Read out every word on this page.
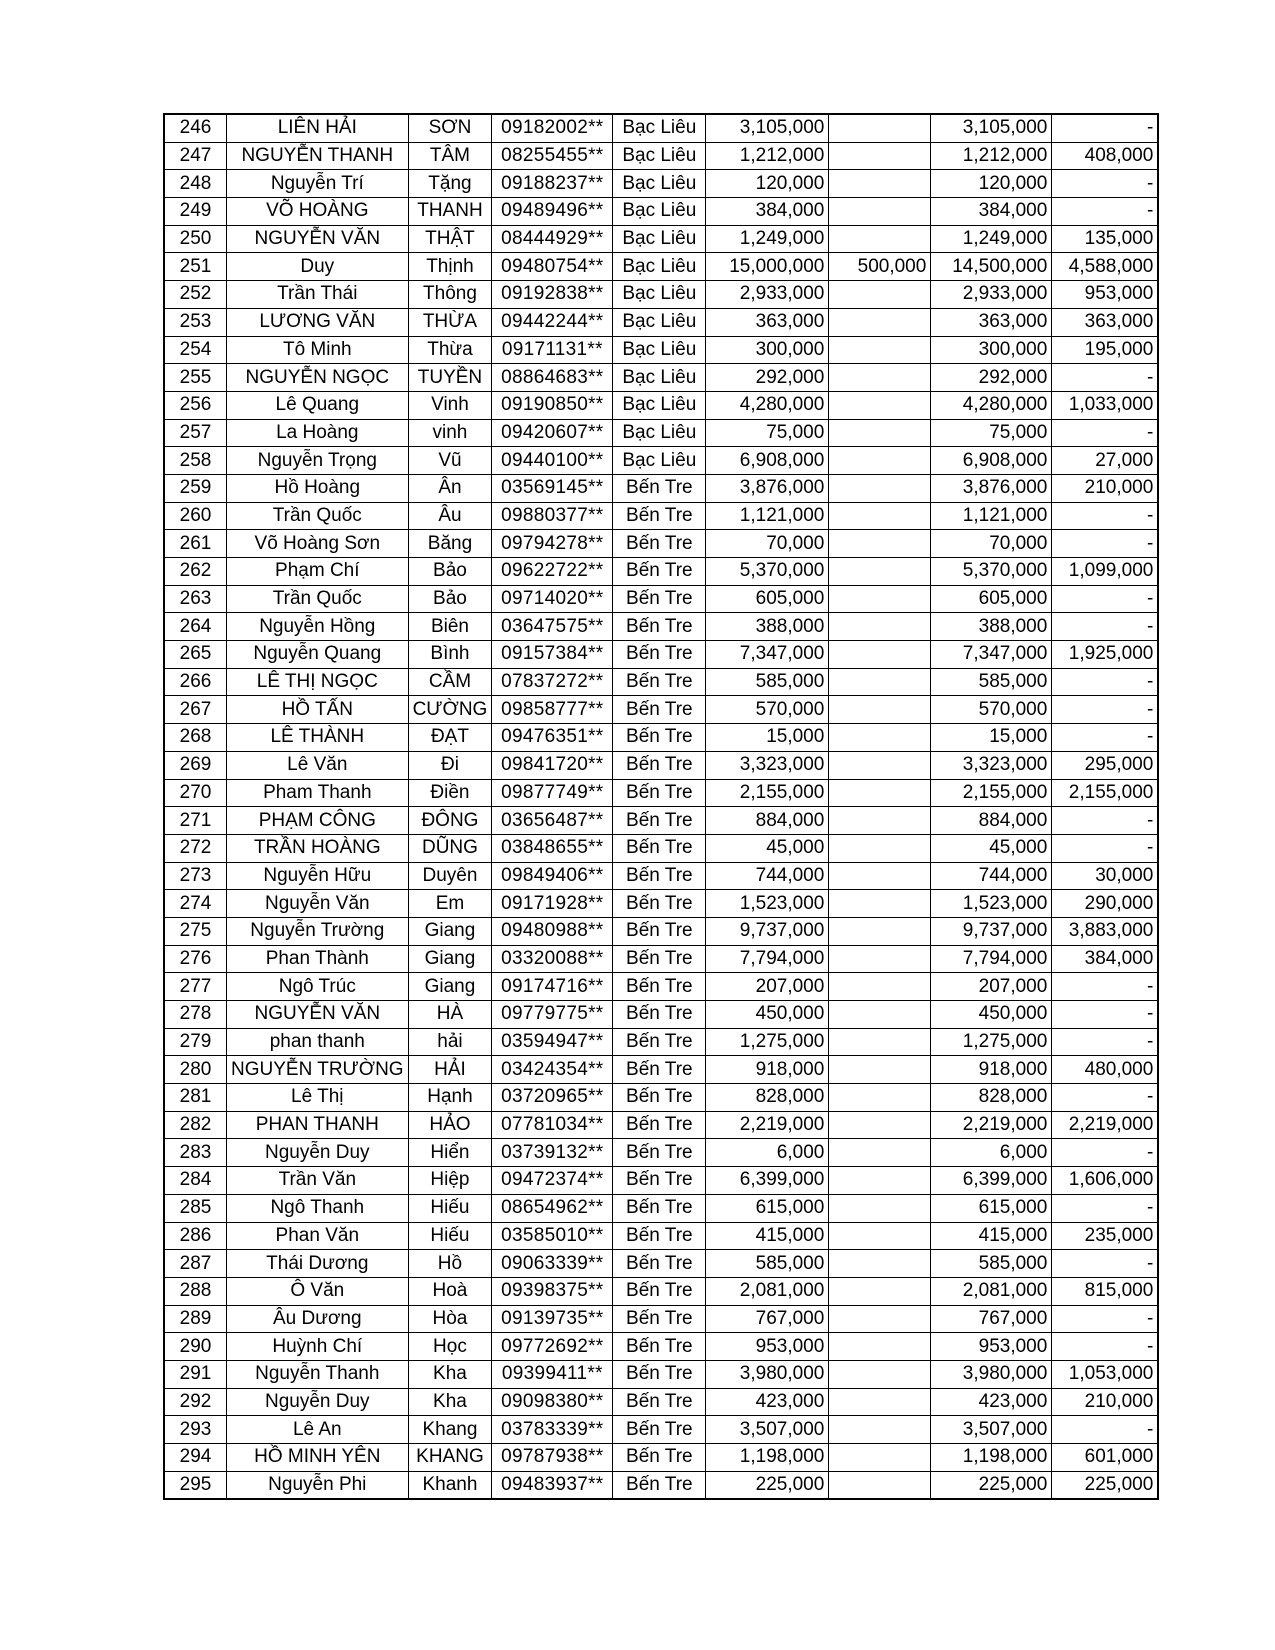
246	LIÊN HẢI	SƠN	09182002**	Bạc Liêu	3,105,000		3,105,000	-
247	NGUYỄN THANH	TÂM	08255455**	Bạc Liêu	1,212,000		1,212,000	408,000
248	Nguyễn Trí	Tặng	09188237**	Bạc Liêu	120,000		120,000	-
249	VÕ HOÀNG	THANH	09489496**	Bạc Liêu	384,000		384,000	-
250	NGUYỄN VĂN	THẬT	08444929**	Bạc Liêu	1,249,000		1,249,000	135,000
251	Duy	Thịnh	09480754**	Bạc Liêu	15,000,000	500,000	14,500,000	4,588,000
252	Trần Thái	Thông	09192838**	Bạc Liêu	2,933,000		2,933,000	953,000
253	LƯƠNG VĂN	THỪA	09442244**	Bạc Liêu	363,000		363,000	363,000
254	Tô Minh	Thừa	09171131**	Bạc Liêu	300,000		300,000	195,000
255	NGUYỄN NGỌC	TUYỀN	08864683**	Bạc Liêu	292,000		292,000	-
256	Lê Quang	Vinh	09190850**	Bạc Liêu	4,280,000		4,280,000	1,033,000
257	La Hoàng	vinh	09420607**	Bạc Liêu	75,000		75,000	-
258	Nguyễn Trọng	Vũ	09440100**	Bạc Liêu	6,908,000		6,908,000	27,000
259	Hồ Hoàng	Ân	03569145**	Bến Tre	3,876,000		3,876,000	210,000
260	Trần Quốc	Âu	09880377**	Bến Tre	1,121,000		1,121,000	-
261	Võ Hoàng Sơn	Băng	09794278**	Bến Tre	70,000		70,000	-
262	Phạm Chí	Bảo	09622722**	Bến Tre	5,370,000		5,370,000	1,099,000
263	Trần Quốc	Bảo	09714020**	Bến Tre	605,000		605,000	-
264	Nguyễn Hồng	Biên	03647575**	Bến Tre	388,000		388,000	-
265	Nguyễn Quang	Bình	09157384**	Bến Tre	7,347,000		7,347,000	1,925,000
266	LÊ THỊ NGỌC	CẦM	07837272**	Bến Tre	585,000		585,000	-
267	HỒ TẤN	CƯỜNG	09858777**	Bến Tre	570,000		570,000	-
268	LÊ THÀNH	ĐẠT	09476351**	Bến Tre	15,000		15,000	-
269	Lê Văn	Đi	09841720**	Bến Tre	3,323,000		3,323,000	295,000
270	Pham Thanh	Điền	09877749**	Bến Tre	2,155,000		2,155,000	2,155,000
271	PHẠM CÔNG	ĐÔNG	03656487**	Bến Tre	884,000		884,000	-
272	TRẦN HOÀNG	DŨNG	03848655**	Bến Tre	45,000		45,000	-
273	Nguyễn Hữu	Duyên	09849406**	Bến Tre	744,000		744,000	30,000
274	Nguyễn Văn	Em	09171928**	Bến Tre	1,523,000		1,523,000	290,000
275	Nguyễn Trường	Giang	09480988**	Bến Tre	9,737,000		9,737,000	3,883,000
276	Phan Thành	Giang	03320088**	Bến Tre	7,794,000		7,794,000	384,000
277	Ngô Trúc	Giang	09174716**	Bến Tre	207,000		207,000	-
278	NGUYỄN VĂN	HÀ	09779775**	Bến Tre	450,000		450,000	-
279	phan thanh	hải	03594947**	Bến Tre	1,275,000		1,275,000	-
280	NGUYỄN TRƯỜNG	HẢI	03424354**	Bến Tre	918,000		918,000	480,000
281	Lê Thị	Hạnh	03720965**	Bến Tre	828,000		828,000	-
282	PHAN THANH	HẢO	07781034**	Bến Tre	2,219,000		2,219,000	2,219,000
283	Nguyễn Duy	Hiển	03739132**	Bến Tre	6,000		6,000	-
284	Trần Văn	Hiệp	09472374**	Bến Tre	6,399,000		6,399,000	1,606,000
285	Ngô Thanh	Hiếu	08654962**	Bến Tre	615,000		615,000	-
286	Phan Văn	Hiếu	03585010**	Bến Tre	415,000		415,000	235,000
287	Thái Dương	Hồ	09063339**	Bến Tre	585,000		585,000	-
288	Ô Văn	Hoà	09398375**	Bến Tre	2,081,000		2,081,000	815,000
289	Âu Dương	Hòa	09139735**	Bến Tre	767,000		767,000	-
290	Huỳnh Chí	Học	09772692**	Bến Tre	953,000		953,000	-
291	Nguyễn Thanh	Kha	09399411**	Bến Tre	3,980,000		3,980,000	1,053,000
292	Nguyễn Duy	Kha	09098380**	Bến Tre	423,000		423,000	210,000
293	Lê An	Khang	03783339**	Bến Tre	3,507,000		3,507,000	-
294	HỒ MINH YÊN	KHANG	09787938**	Bến Tre	1,198,000		1,198,000	601,000
295	Nguyễn Phi	Khanh	09483937**	Bến Tre	225,000		225,000	225,000
